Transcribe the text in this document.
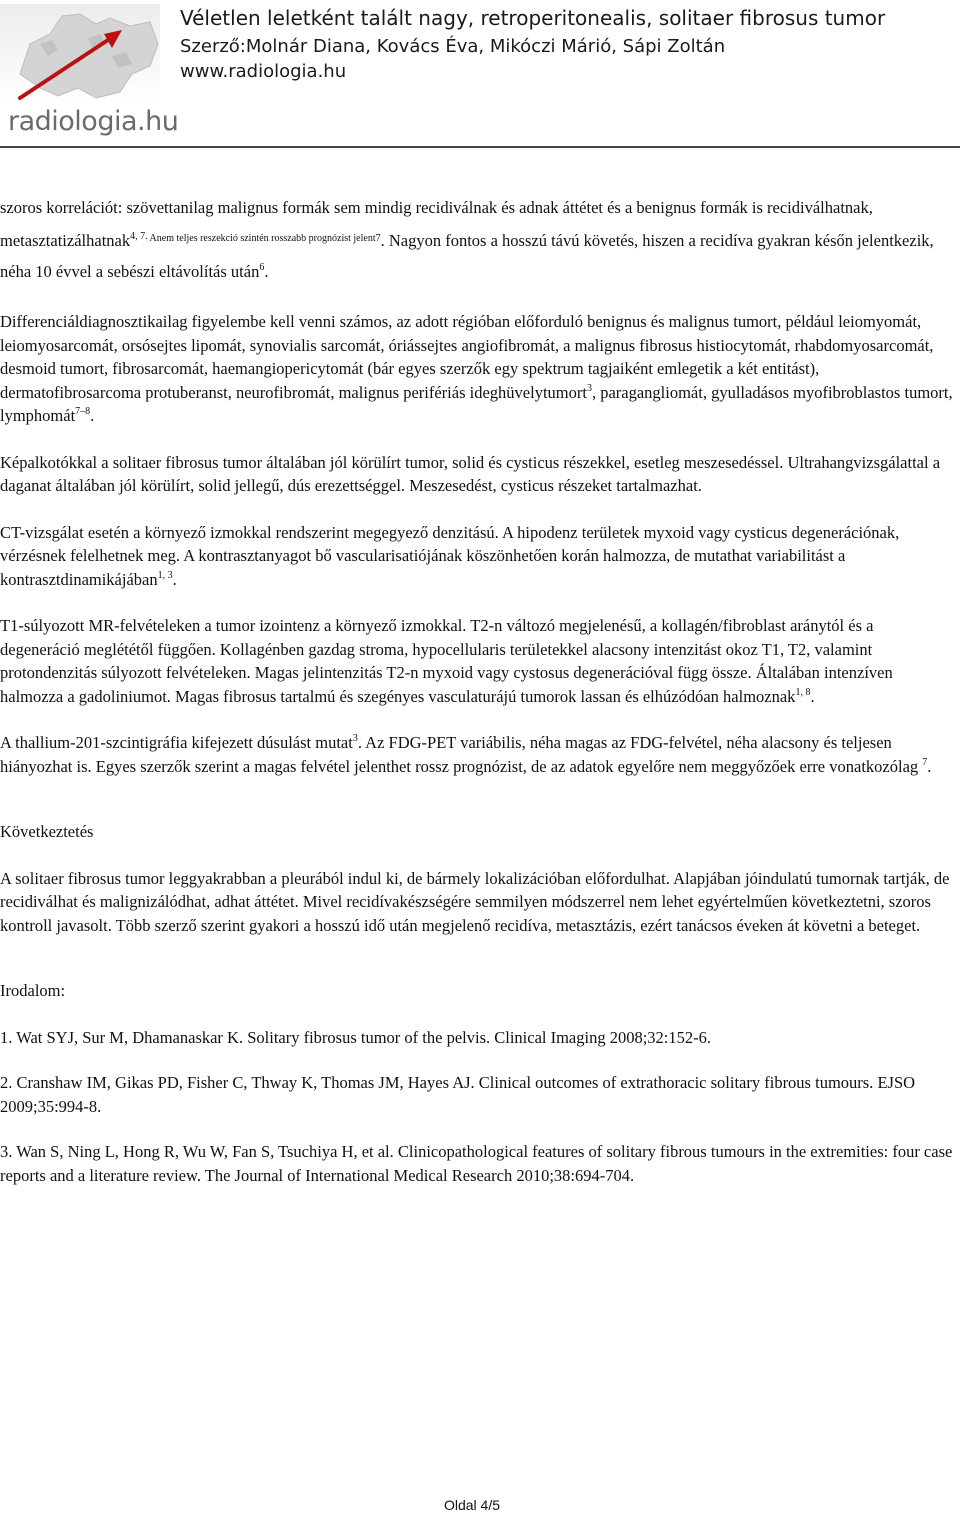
radiologia.hu
Véletlen leletként talált nagy, retroperitonealis, solitaer fibrosus tumor
Szerző:Molnár Diana, Kovács Éva, Mikóczi Márió, Sápi Zoltán
www.radiologia.hu

szoros korrelációt: szövettanilag malignus formák sem mindig recidiválnak és adnak áttétet és a benignus formák is recidiválhatnak, metasztatizálhatnak$^{4, 7.}$ $^{Anem teljes reszekció szintén rosszabb prognózist jelent7}$. Nagyon fontos a hosszú távú követés, hiszen a recidíva gyakran későn jelentkezik, néha 10 évvel a sebészi eltávolítás után$^6$.

Differenciáldiagnosztikailag figyelembe kell venni számos, az adott régióban előforduló benignus és malignus tumort, például leiomyomát, leiomyosarcomát, orsósejtes lipomát, synovialis sarcomát, óriássejtes angiofibromát, a malignus fibrosus histiocytomát, rhabdomyosarcomát, desmoid tumort, fibrosarcomát, haemangiopericytomát (bár egyes szerzők egy spektrum tagjaiként emlegetik a két entitást), dermatofibrosarcoma protuberanst, neurofibromát, malignus perifériás ideghüvelytumort$^3$, paragangliomát, gyulladásos myofibroblastos tumort, lymphomát$^{7-8}$.

Képalkotókkal a solitaer fibrosus tumor általában jól körülírt tumor, solid és cysticus részekkel, esetleg meszesedéssel. Ultrahangvizsgálattal a daganat általában jól körülírt, solid jellegű, dús erezettséggel. Meszesedést, cysticus részeket tartalmazhat.

CT-vizsgálat esetén a környező izmokkal rendszerint megegyező denzitású. A hipodenz területek myxoid vagy cysticus degenerációnak, vérzésnek felelhetnek meg. A kontrasztanyagot bő vascularisatiójának köszönhetően korán halmozza, de mutathat variabilitást a kontrasztdinamikájában$^{1, 3}$.

T1-súlyozott MR-felvételeken a tumor izointenz a környező izmokkal. T2-n változó megjelenésű, a kollagén/fibroblast aránytól és a degeneráció meglététől függően. Kollagénben gazdag stroma, hypocellularis területekkel alacsony intenzitást okoz T1, T2, valamint protondenzitás súlyozott felvételeken. Magas jelintenzitás T2-n myxoid vagy cystosus degenerációval függ össze. Általában intenzíven halmozza a gadoliniumot. Magas fibrosus tartalmú és szegényes vasculaturájú tumorok lassan és elhúzódóan halmoznak$^{1, 8}$.

A thallium-201-szcintigráfia kifejezett dúsulást mutat$^3$. Az FDG-PET variábilis, néha magas az FDG-felvétel, néha alacsony és teljesen hiányozhat is. Egyes szerzők szerint a magas felvétel jelenthet rossz prognózist, de az adatok egyelőre nem meggyőzőek erre vonatkozólag $^7$.

Következtetés

A solitaer fibrosus tumor leggyakrabban a pleurából indul ki, de bármely lokalizációban előfordulhat. Alapjában jóindulatú tumornak tartják, de recidiválhat és malignizálódhat, adhat áttétet. Mivel recidívakészségére semmilyen módszerrel nem lehet egyértelműen következtetni, szoros kontroll javasolt. Több szerző szerint gyakori a hosszú idő után megjelenő recidíva, metasztázis, ezért tanácsos éveken át követni a beteget.

Irodalom:

1. Wat SYJ, Sur M, Dhamanaskar K. Solitary fibrosus tumor of the pelvis. Clinical Imaging 2008;32:152-6.

2. Cranshaw IM, Gikas PD, Fisher C, Thway K, Thomas JM, Hayes AJ. Clinical outcomes of extrathoracic solitary fibrous tumours. EJSO 2009;35:994-8.

3. Wan S, Ning L, Hong R, Wu W, Fan S, Tsuchiya H, et al. Clinicopathological features of solitary fibrous tumours in the extremities: four case reports and a literature review. The Journal of International Medical Research 2010;38:694-704.

Oldal 4/5
